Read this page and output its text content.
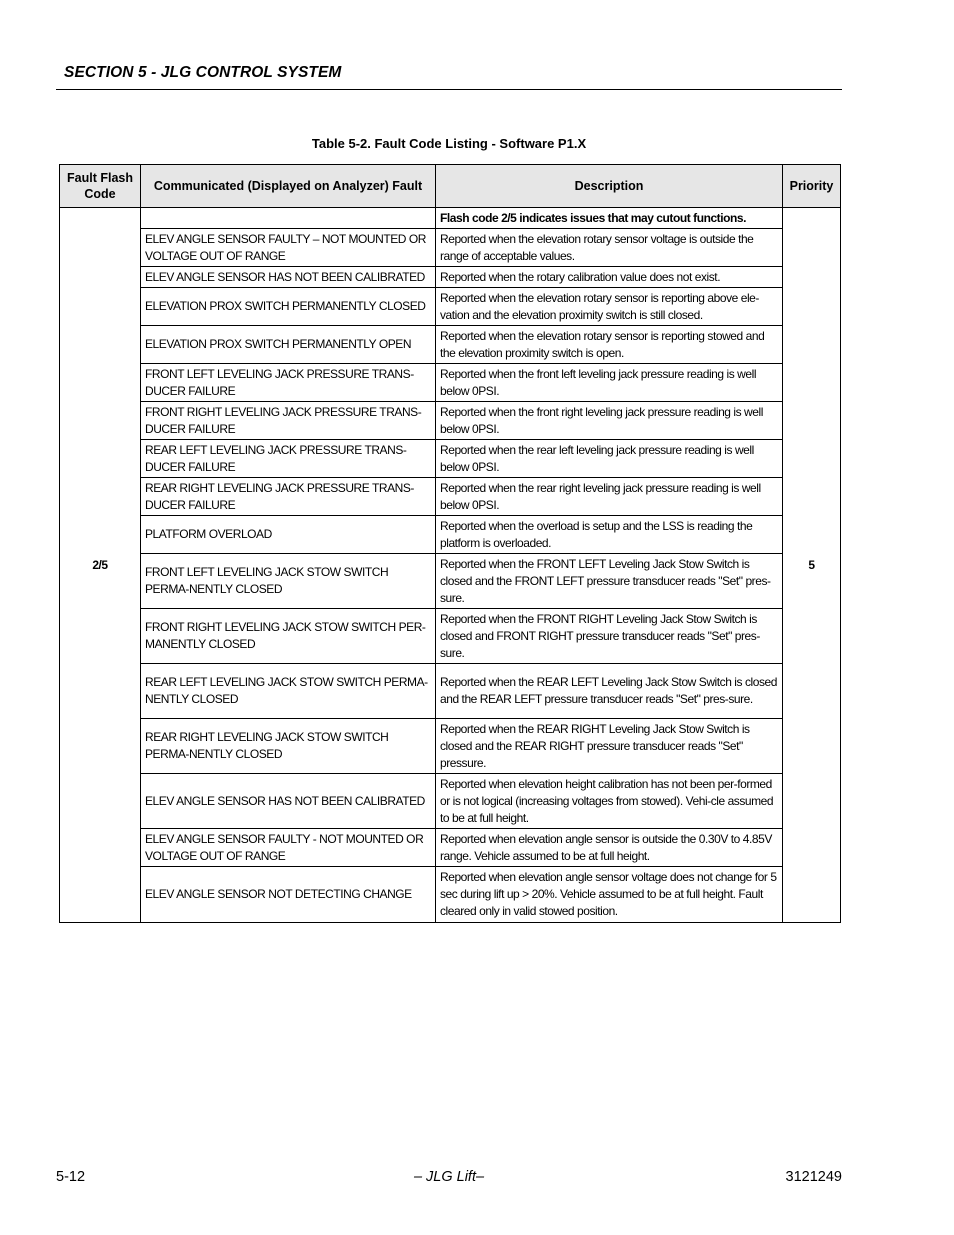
SECTION 5 - JLG CONTROL SYSTEM
Table 5-2. Fault Code Listing - Software P1.X
Fault Flash Code	Communicated (Displayed on Analyzer) Fault	Description	Priority
2/5		Flash code 2/5 indicates issues that may cutout functions.	5
	ELEV ANGLE SENSOR FAULTY – NOT MOUNTED OR VOLTAGE OUT OF RANGE	Reported when the elevation rotary sensor voltage is outside the range of acceptable values.	
	ELEV ANGLE SENSOR HAS NOT BEEN CALIBRATED	Reported when the rotary calibration value does not exist.	
	ELEVATION PROX SWITCH PERMANENTLY CLOSED	Reported when the elevation rotary sensor is reporting above ele-vation and the elevation proximity switch is still closed.	
	ELEVATION PROX SWITCH PERMANENTLY OPEN	Reported when the elevation rotary sensor is reporting stowed and the elevation proximity switch is open.	
	FRONT LEFT LEVELING JACK PRESSURE TRANS-DUCER FAILURE	Reported when the front left leveling jack pressure reading is well below 0PSI.	
	FRONT RIGHT LEVELING JACK PRESSURE TRANS-DUCER FAILURE	Reported when the front right leveling jack pressure reading is well below 0PSI.	
	REAR LEFT LEVELING JACK PRESSURE TRANS-DUCER FAILURE	Reported when the rear left leveling jack pressure reading is well below 0PSI.	
	REAR RIGHT LEVELING JACK PRESSURE TRANS-DUCER FAILURE	Reported when the rear right leveling jack pressure reading is well below 0PSI.	
	PLATFORM OVERLOAD	Reported when the overload is setup and the LSS is reading the platform is overloaded.	
	FRONT LEFT LEVELING JACK STOW SWITCH PERMA-NENTLY CLOSED	Reported when the FRONT LEFT Leveling Jack Stow Switch is closed and the FRONT LEFT pressure transducer reads "Set" pres-sure.	
	FRONT RIGHT LEVELING JACK STOW SWITCH PER-MANENTLY CLOSED	Reported when the FRONT RIGHT Leveling Jack Stow Switch is closed and FRONT RIGHT pressure transducer reads "Set" pres-sure.	
	REAR LEFT LEVELING JACK STOW SWITCH PERMA-NENTLY CLOSED	Reported when the REAR LEFT Leveling Jack Stow Switch is closed and the REAR LEFT pressure transducer reads "Set" pres-sure.	
	REAR RIGHT LEVELING JACK STOW SWITCH PERMA-NENTLY CLOSED	Reported when the REAR RIGHT Leveling Jack Stow Switch is closed and the REAR RIGHT pressure transducer reads "Set" pressure.	
	ELEV ANGLE SENSOR HAS NOT BEEN CALIBRATED	Reported when elevation height calibration has not been per-formed or is not logical (increasing voltages from stowed). Vehi-cle assumed to be at full height.	
	ELEV ANGLE SENSOR FAULTY - NOT MOUNTED OR VOLTAGE OUT OF RANGE	Reported when elevation angle sensor is outside the 0.30V to 4.85V range. Vehicle assumed to be at full height.	
	ELEV ANGLE SENSOR NOT DETECTING CHANGE	Reported when elevation angle sensor voltage does not change for 5 sec during lift up > 20%. Vehicle assumed to be at full height. Fault cleared only in valid stowed position.	
5-12	– JLG Lift–	3121249
